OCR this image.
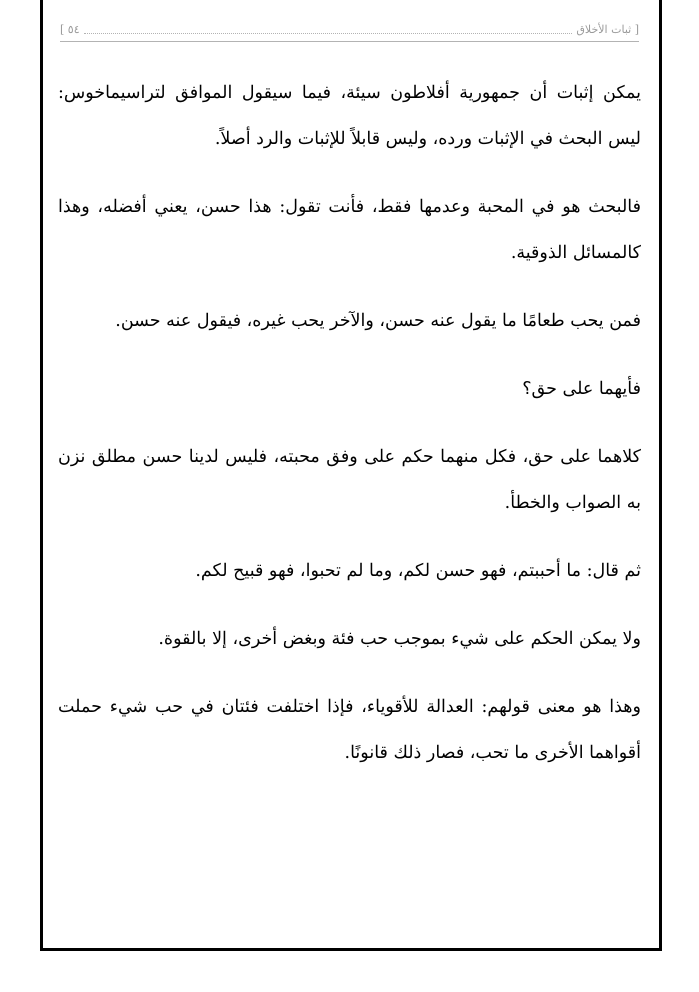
[ ثبات الأخلاق
٥٤ ]

يمكن إثبات أن جمهورية أفلاطون سيئة، فيما سيقول الموافق لتراسيماخوس: ليس البحث في الإثبات ورده، وليس قابلاً للإثبات والرد أصلاً.

فالبحث هو في المحبة وعدمها فقط، فأنت تقول: هذا حسن، يعني أفضله، وهذا كالمسائل الذوقية.

فمن يحب طعامًا ما يقول عنه حسن، والآخر يحب غيره، فيقول عنه حسن.

فأيهما على حق؟

كلاهما على حق، فكل منهما حكم على وفق محبته، فليس لدينا حسن مطلق نزن به الصواب والخطأ.

ثم قال: ما أحببتم، فهو حسن لكم، وما لم تحبوا، فهو قبيح لكم.

ولا يمكن الحكم على شيء بموجب حب فئة وبغض أخرى، إلا بالقوة.

وهذا هو معنى قولهم: العدالة للأقوياء، فإذا اختلفت فئتان في حب شيء حملت أقواهما الأخرى ما تحب، فصار ذلك قانونًا.
